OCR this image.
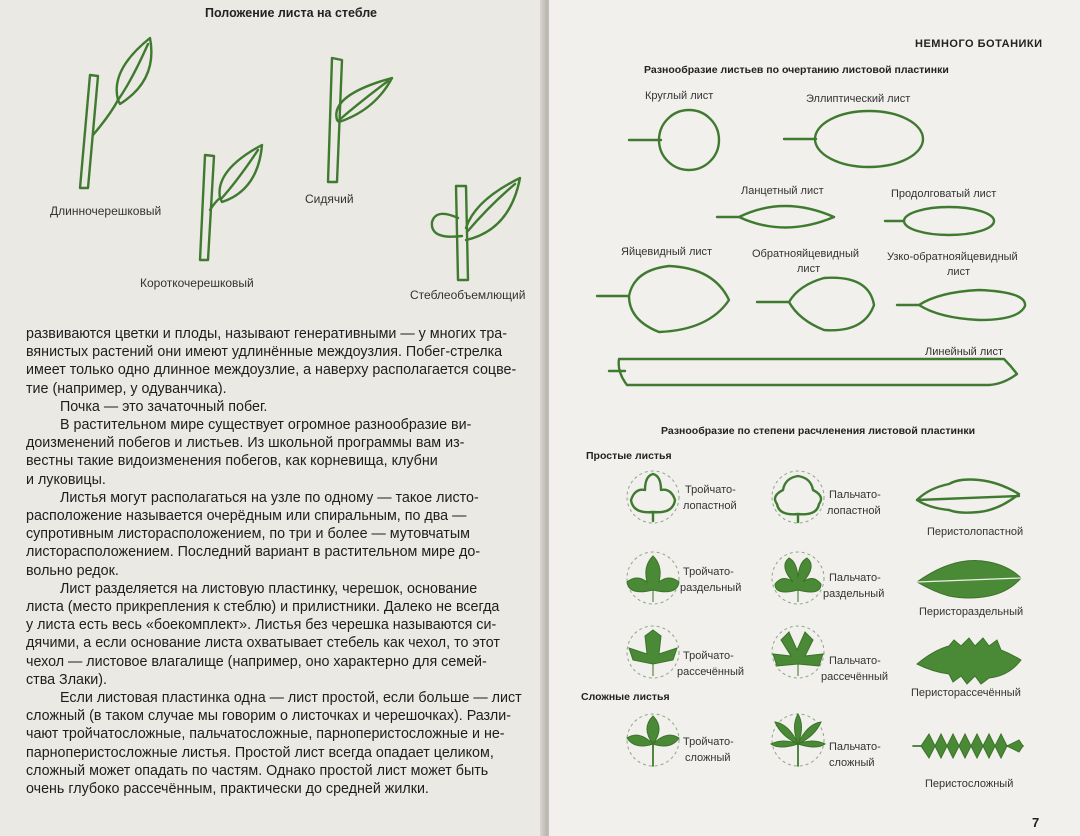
Положение листа на стебле
Длинночерешковый
Короткочерешковый
Сидячий
Стеблеобъемлющий
развиваются цветки и плоды, называют генеративными — у многих тра-
вянистых растений они имеют удлинённые междоузлия. Побег-стрелка
имеет только одно длинное междоузлие, а наверху располагается соцве-
тие (например, у одуванчика).
Почка — это зачаточный побег.
В растительном мире существует огромное разнообразие ви-
доизменений побегов и листьев. Из школьной программы вам из-
вестны такие видоизменения побегов, как корневища, клубни
и луковицы.
Листья могут располагаться на узле по одному — такое листо-
расположение называется очерёдным или спиральным, по два —
супротивным листорасположением, по три и более — мутовчатым
листорасположением. Последний вариант в растительном мире до-
вольно редок.
Лист разделяется на листовую пластинку, черешок, основание
листа (место прикрепления к стеблю) и прилистники. Далеко не всегда
у листа есть весь «боекомплект». Листья без черешка называются си-
дячими, а если основание листа охватывает стебель как чехол, то этот
чехол — листовое влагалище (например, оно характерно для семей-
ства Злаки).
Если листовая пластинка одна — лист простой, если больше — лист
сложный (в таком случае мы говорим о листочках и черешочках). Разли-
чают тройчатосложные, пальчатосложные, парноперистосложные и не-
парноперистосложные листья. Простой лист всегда опадает целиком,
сложный может опадать по частям. Однако простой лист может быть
очень глубоко рассечённым, практически до средней жилки.
НЕМНОГО БОТАНИКИ
Разнообразие листьев по очертанию листовой пластинки
Круглый лист	Эллиптический лист
Ланцетный лист	Продолговатый лист
Яйцевидный лист	Обратнояйцевидный
лист
Узко-обратнояйцевидный
лист
Линейный лист
Разнообразие по степени расчленения листовой пластинки
Простые листья
Сложные листья
Тройчато-
лопастной
Пальчато-
лопастной
Перистолопастной
Тройчато-
раздельный
Пальчато-
раздельный
Перистораздельный
Тройчато-
рассечённый
Пальчато-
рассечённый
Перисторассечённый
Тройчато-
сложный
Пальчато-
сложный
Перистосложный
7
